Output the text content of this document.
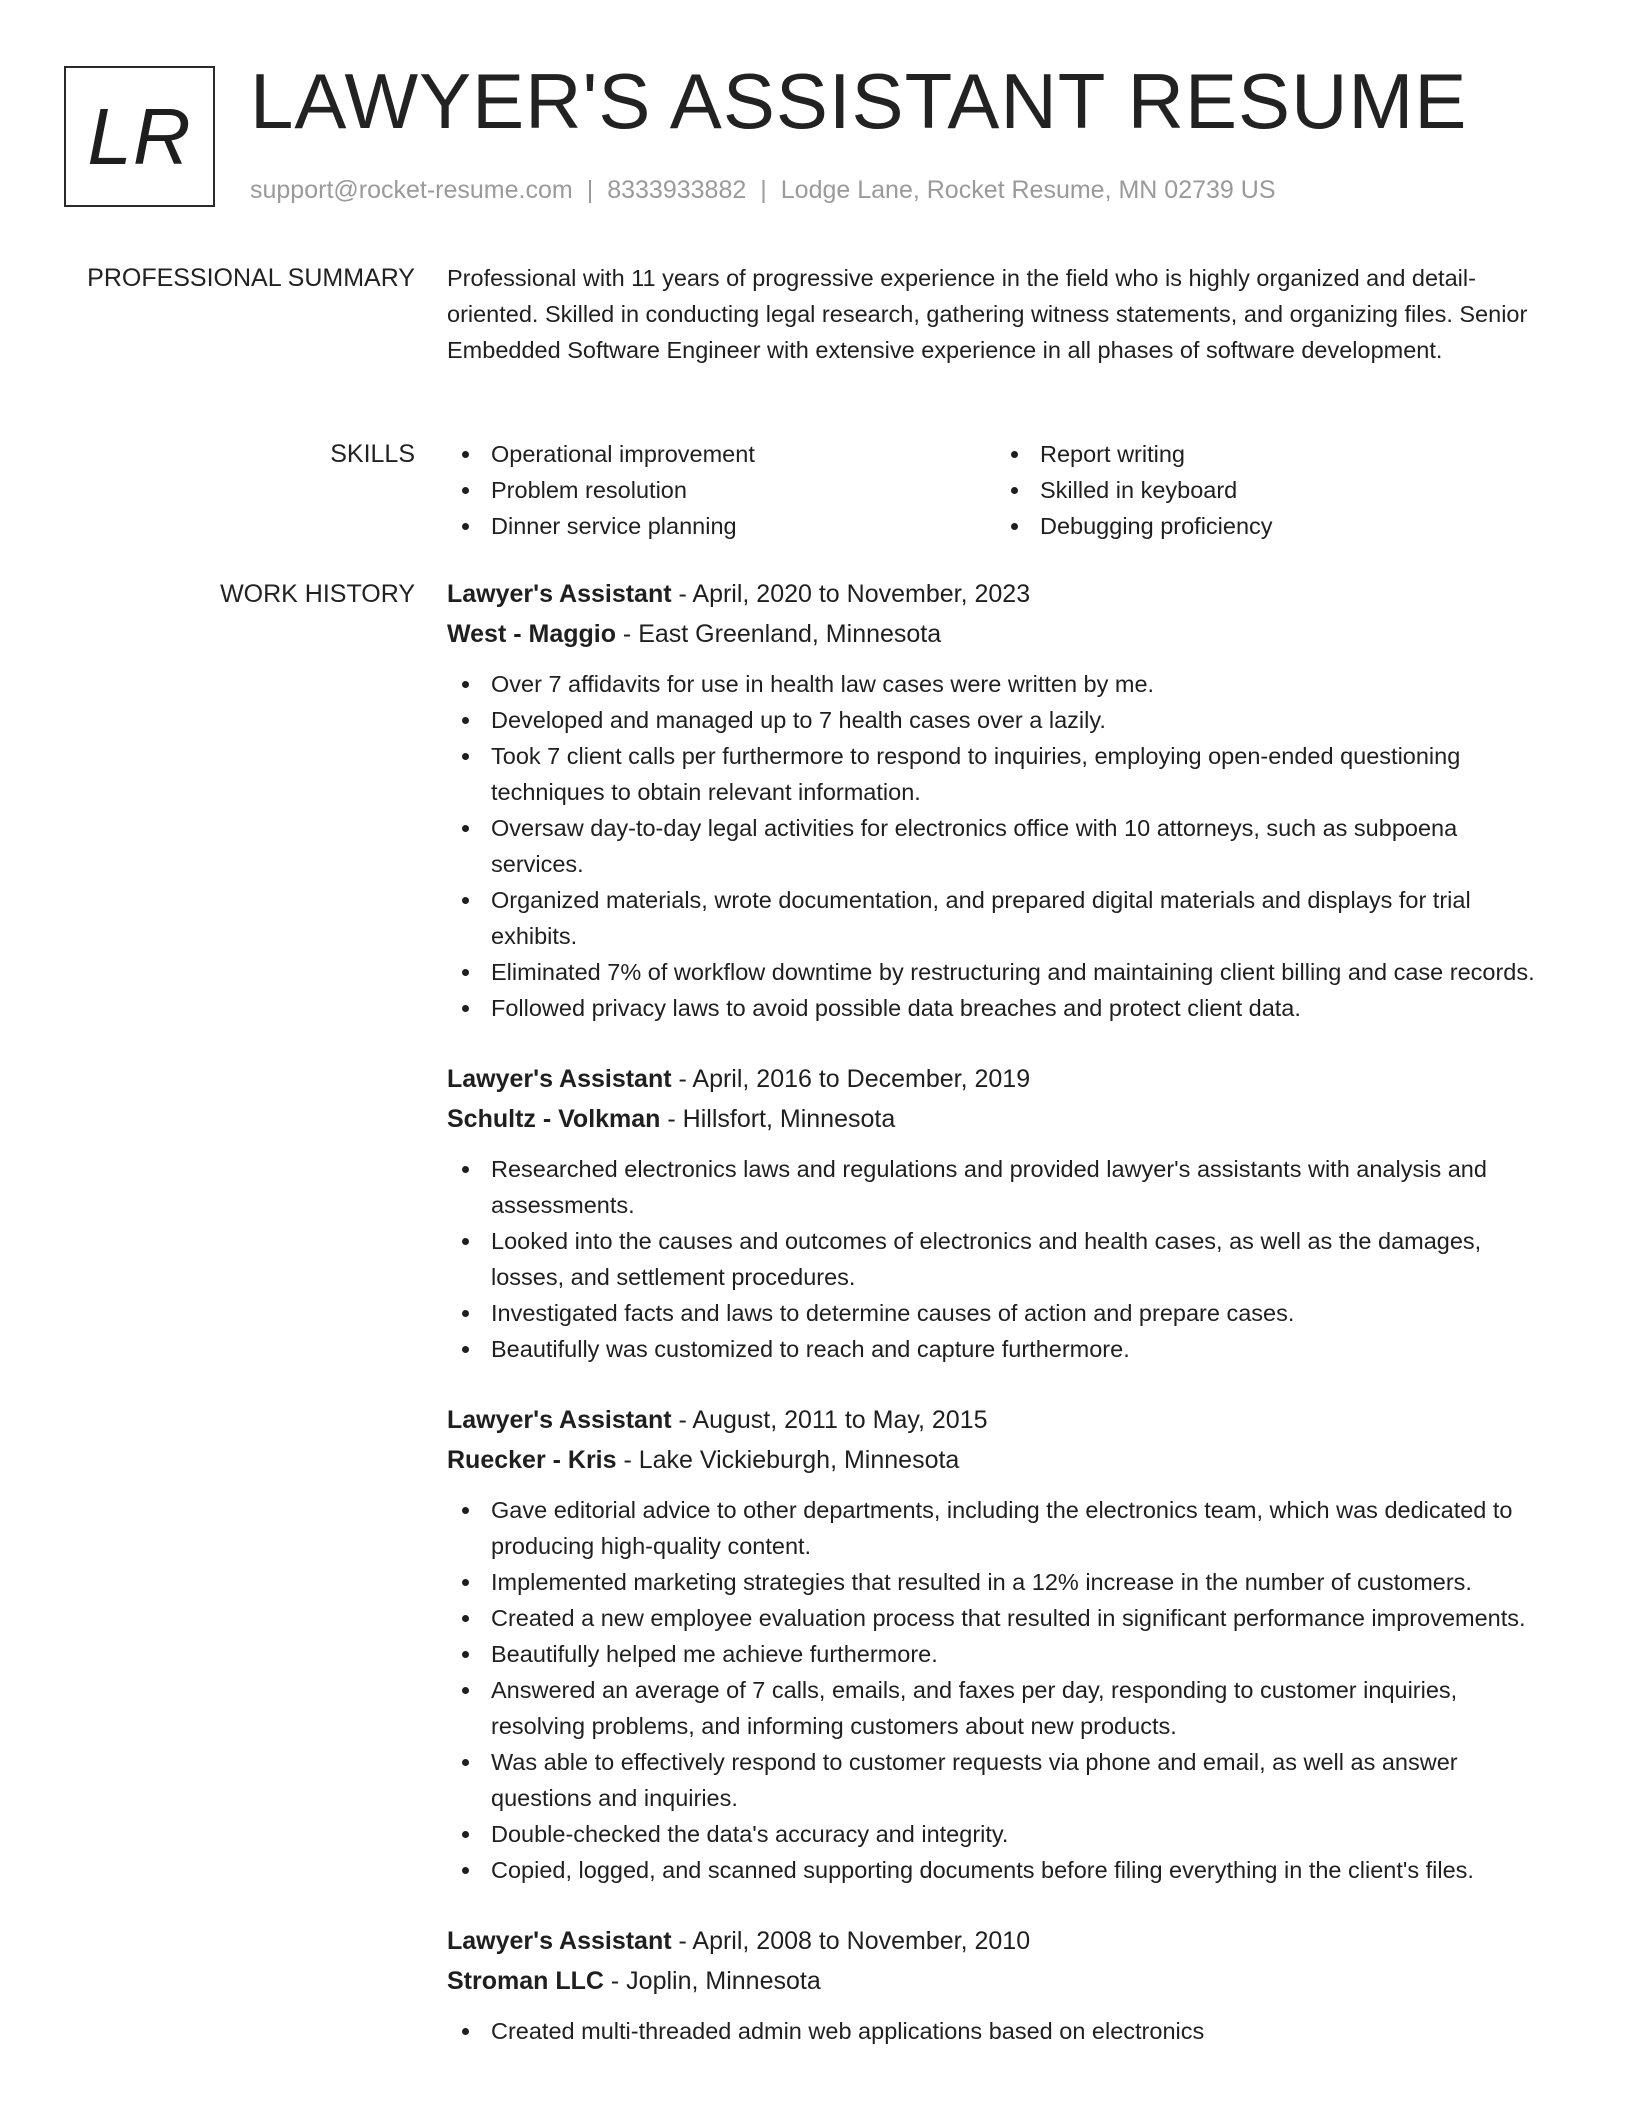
LR LAWYER'S ASSISTANT RESUME
support@rocket-resume.com | 8333933882 | Lodge Lane, Rocket Resume, MN 02739 US
PROFESSIONAL SUMMARY Professional with 11 years of progressive experience in the field who is highly organized and detail-oriented. Skilled in conducting legal research, gathering witness statements, and organizing files. Senior Embedded Software Engineer with extensive experience in all phases of software development.

SKILLS	Operational improvement	Report writing
Problem resolution	Skilled in keyboard
Dinner service planning	Debugging proficiency
WORK HISTORY Lawyer's Assistant - April, 2020 to November, 2023
West - Maggio - East Greenland, Minnesota
Over 7 affidavits for use in health law cases were written by me.
Developed and managed up to 7 health cases over a lazily.
Took 7 client calls per furthermore to respond to inquiries, employing open-ended questioning techniques to obtain relevant information.
Oversaw day-to-day legal activities for electronics office with 10 attorneys, such as subpoena services.
Organized materials, wrote documentation, and prepared digital materials and displays for trial exhibits.
Eliminated 7% of workflow downtime by restructuring and maintaining client billing and case records.
Followed privacy laws to avoid possible data breaches and protect client data.
Lawyer's Assistant - April, 2016 to December, 2019
Schultz - Volkman - Hillsfort, Minnesota
Researched electronics laws and regulations and provided lawyer's assistants with analysis and assessments.
Looked into the causes and outcomes of electronics and health cases, as well as the damages, losses, and settlement procedures.
Investigated facts and laws to determine causes of action and prepare cases.
Beautifully was customized to reach and capture furthermore.
Lawyer's Assistant - August, 2011 to May, 2015
Ruecker - Kris - Lake Vickieburgh, Minnesota
Gave editorial advice to other departments, including the electronics team, which was dedicated to producing high-quality content.
Implemented marketing strategies that resulted in a 12% increase in the number of customers.
Created a new employee evaluation process that resulted in significant performance improvements.
Beautifully helped me achieve furthermore.
Answered an average of 7 calls, emails, and faxes per day, responding to customer inquiries, resolving problems, and informing customers about new products.
Was able to effectively respond to customer requests via phone and email, as well as answer questions and inquiries.
Double-checked the data's accuracy and integrity.
Copied, logged, and scanned supporting documents before filing everything in the client's files.
Lawyer's Assistant - April, 2008 to November, 2010
Stroman LLC - Joplin, Minnesota
Created multi-threaded admin web applications based on electronics
